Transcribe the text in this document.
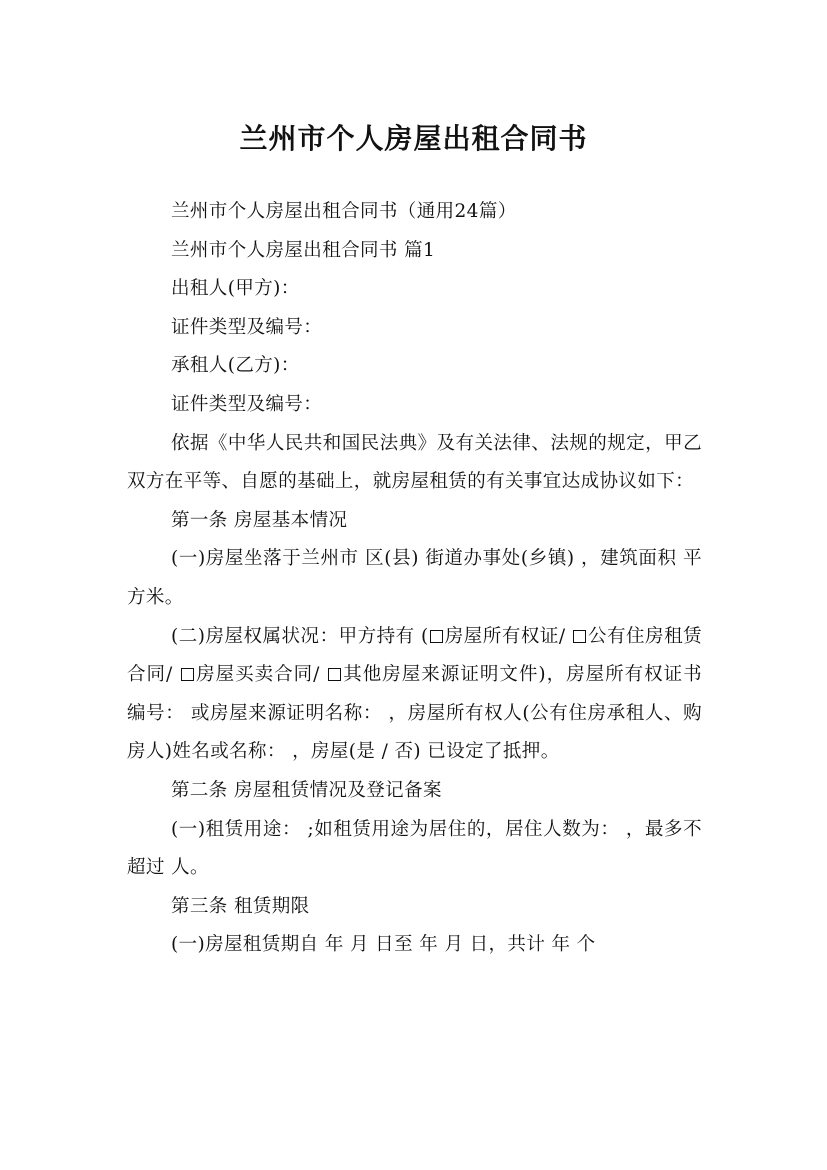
兰州市个人房屋出租合同书

兰州市个人房屋出租合同书（通用24篇）

兰州市个人房屋出租合同书 篇1

出租人(甲方)：

证件类型及编号：

承租人(乙方)：

证件类型及编号：

依据《中华人民共和国民法典》及有关法律、法规的规定，甲乙双方在平等、自愿的基础上，就房屋租赁的有关事宜达成协议如下：

第一条 房屋基本情况

(一)房屋坐落于兰州市 区(县) 街道办事处(乡镇) ，建筑面积 平方米。

(二)房屋权属状况：甲方持有 ( 房屋所有权证/ 公有住房租赁合同/ 房屋买卖合同/ 其他房屋来源证明文件)，房屋所有权证书编号： 或房屋来源证明名称： ，房屋所有权人(公有住房承租人、购房人)姓名或名称： ，房屋(是 / 否) 已设定了抵押。

第二条 房屋租赁情况及登记备案

(一)租赁用途： ;如租赁用途为居住的，居住人数为： ，最多不超过 人。

第三条 租赁期限

(一)房屋租赁期自 年 月 日至 年 月 日，共计 年 个
